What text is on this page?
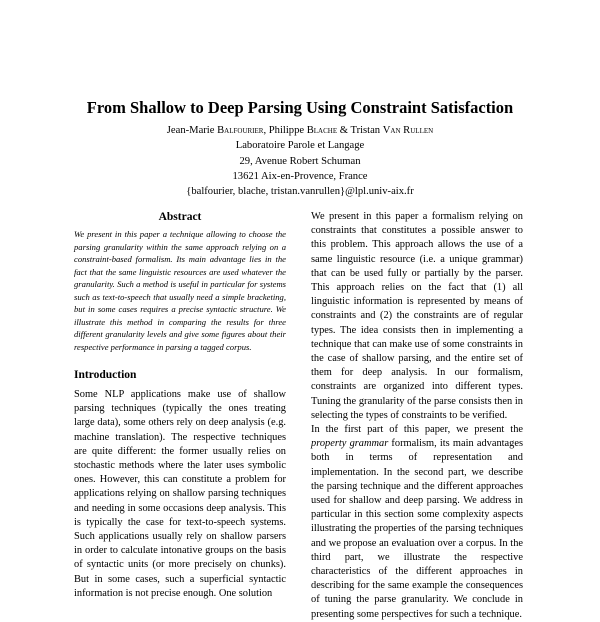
From Shallow to Deep Parsing Using Constraint Satisfaction
Jean-Marie Balfourier, Philippe Blache & Tristan Van Rullen
Laboratoire Parole et Langage
29, Avenue Robert Schuman
13621 Aix-en-Provence, France
{balfourier, blache, tristan.vanrullen}@lpl.univ-aix.fr
Abstract
We present in this paper a technique allowing to choose the parsing granularity within the same approach relying on a constraint-based formalism. Its main advantage lies in the fact that the same linguistic resources are used whatever the granularity. Such a method is useful in particular for systems such as text-to-speech that usually need a simple bracketing, but in some cases requires a precise syntactic structure. We illustrate this method in comparing the results for three different granularity levels and give some figures about their respective performance in parsing a tagged corpus.
Introduction
Some NLP applications make use of shallow parsing techniques (typically the ones treating large data), some others rely on deep analysis (e.g. machine translation). The respective techniques are quite different: the former usually relies on stochastic methods where the later uses symbolic ones. However, this can constitute a problem for applications relying on shallow parsing techniques and needing in some occasions deep analysis. This is typically the case for text-to-speech systems. Such applications usually rely on shallow parsers in order to calculate intonative groups on the basis of syntactic units (or more precisely on chunks). But in some cases, such a superficial syntactic information is not precise enough. One solution

We present in this paper a formalism relying on constraints that constitutes a possible answer to this problem. This approach allows the use of a same linguistic resource (i.e. a unique grammar) that can be used fully or partially by the parser. This approach relies on the fact that (1) all linguistic information is represented by means of constraints and (2) the constraints are of regular types. The idea consists then in implementing a technique that can make use of some constraints in the case of shallow parsing, and the entire set of them for deep analysis. In our formalism, constraints are organized into different types. Tuning the granularity of the parse consists then in selecting the types of constraints to be verified.

In the first part of this paper, we present the property grammar formalism, its main advantages both in terms of representation and implementation. In the second part, we describe the parsing technique and the different approaches used for shallow and deep parsing. We address in particular in this section some complexity aspects illustrating the properties of the parsing techniques and we propose an evaluation over a corpus. In the third part, we illustrate the respective characteristics of the different approaches in describing for the same example the consequences of tuning the parse granularity. We conclude in presenting some perspectives for such a technique.
